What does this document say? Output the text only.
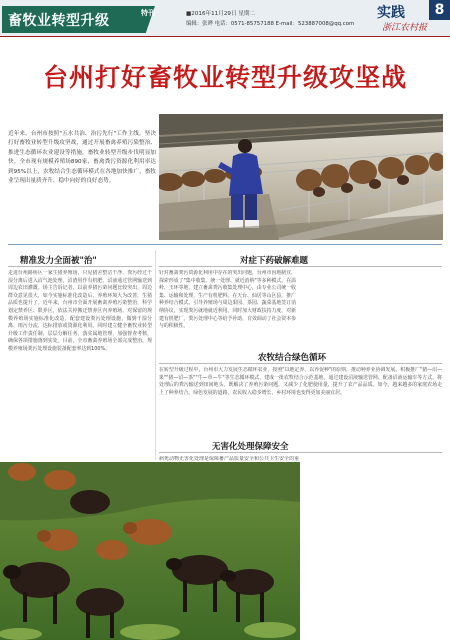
畜牧业转型升级	特刊	■2016年11月29日 星期二
编辑：张晔 电话：0571-85757188 E-mail：523887008@qq.com
实践	8
浙江农村报
台州打好畜牧业转型升级攻坚战
近年来，台州市按照"五水共治、治污先行"工作主线，坚决打好畜牧业转型升级攻坚战，通过开展畜禽养殖污染整治、推进生态循环农业建设等措施，畜牧业转型升级步伐明显加快。全市现有规模养殖场890家，畜禽粪污资源化利用率达到95%以上，农牧结合生态循环模式在各地加快推广，畜牧业呈现出量质齐升、稳中向好的良好态势。
精准发力全面被"治"
走进台州路桥区一家生猪养殖场，只见猪舍整洁干净，粪污经过干湿分离后进入沼气池处理，沼渣用作有机肥，沼液通过管网输送到周边农田灌溉。场主告诉记者，以前养猪污染问题比较突出，周边群众意见很大，如今实施标准化改造后，养殖环境大为改善，生猪品质也提升了。近年来，台州市全面开展畜禽养殖污染整治，科学划定禁养区、限养区，依法关停搬迁禁养区内养殖场，对保留的规模养殖场实施标准化改造，配套建设粪污处理设施，做到干湿分离、雨污分流、达标排放或资源化利用。同时建立健全畜牧业转型升级工作责任制，层层分解任务，落实属地管理，加强督查考核，确保各项措施落到实处。目前，全市畜禽养殖场全部完成整治，规模养殖场粪污处理设施装备配套率达到100%。
对症下药破解难题
针对畜禽粪污资源化利用中存在的突出问题，台州市因地制宜，探索形成了"集中收集、统一处理、就近消纳"等多种模式。在温岭、玉环等地，建立畜禽粪污收集处理中心，由专业公司统一收集、运输和处理，生产有机肥料。在天台、仙居等山区县，推广种养结合模式，引导养殖场与周边果园、茶园、蔬菜基地签订消纳协议，实现粪污就地就近利用。同时加大财政扶持力度，对新建有机肥厂、粪污处理中心等给予补助，有效调动了社会资本参与的积极性。
农牧结合绿色循环
在转型升级过程中，台州市大力发展生态循环农业，按照"以地定养、以养促种"的原则，推动种养业协调发展。积极推广"猪—沼—果""猪—沼—茶""牛—草—牛"等生态循环模式，建成一批农牧结合示范基地。通过建设沼液输送管网、配备沼液运输车等方式，将处理后的粪污输送到田间地头，既解决了养殖污染问题，又减少了化肥使用量，提升了农产品品质。如今，越来越多的家庭农场走上了种养结合、绿色发展的道路，农民收入稳步增长，乡村环境也变得更加美丽宜居。
无害化处理保障安全
病死动物无害化处理是保障畜产品质量安全和公共卫生安全的重
